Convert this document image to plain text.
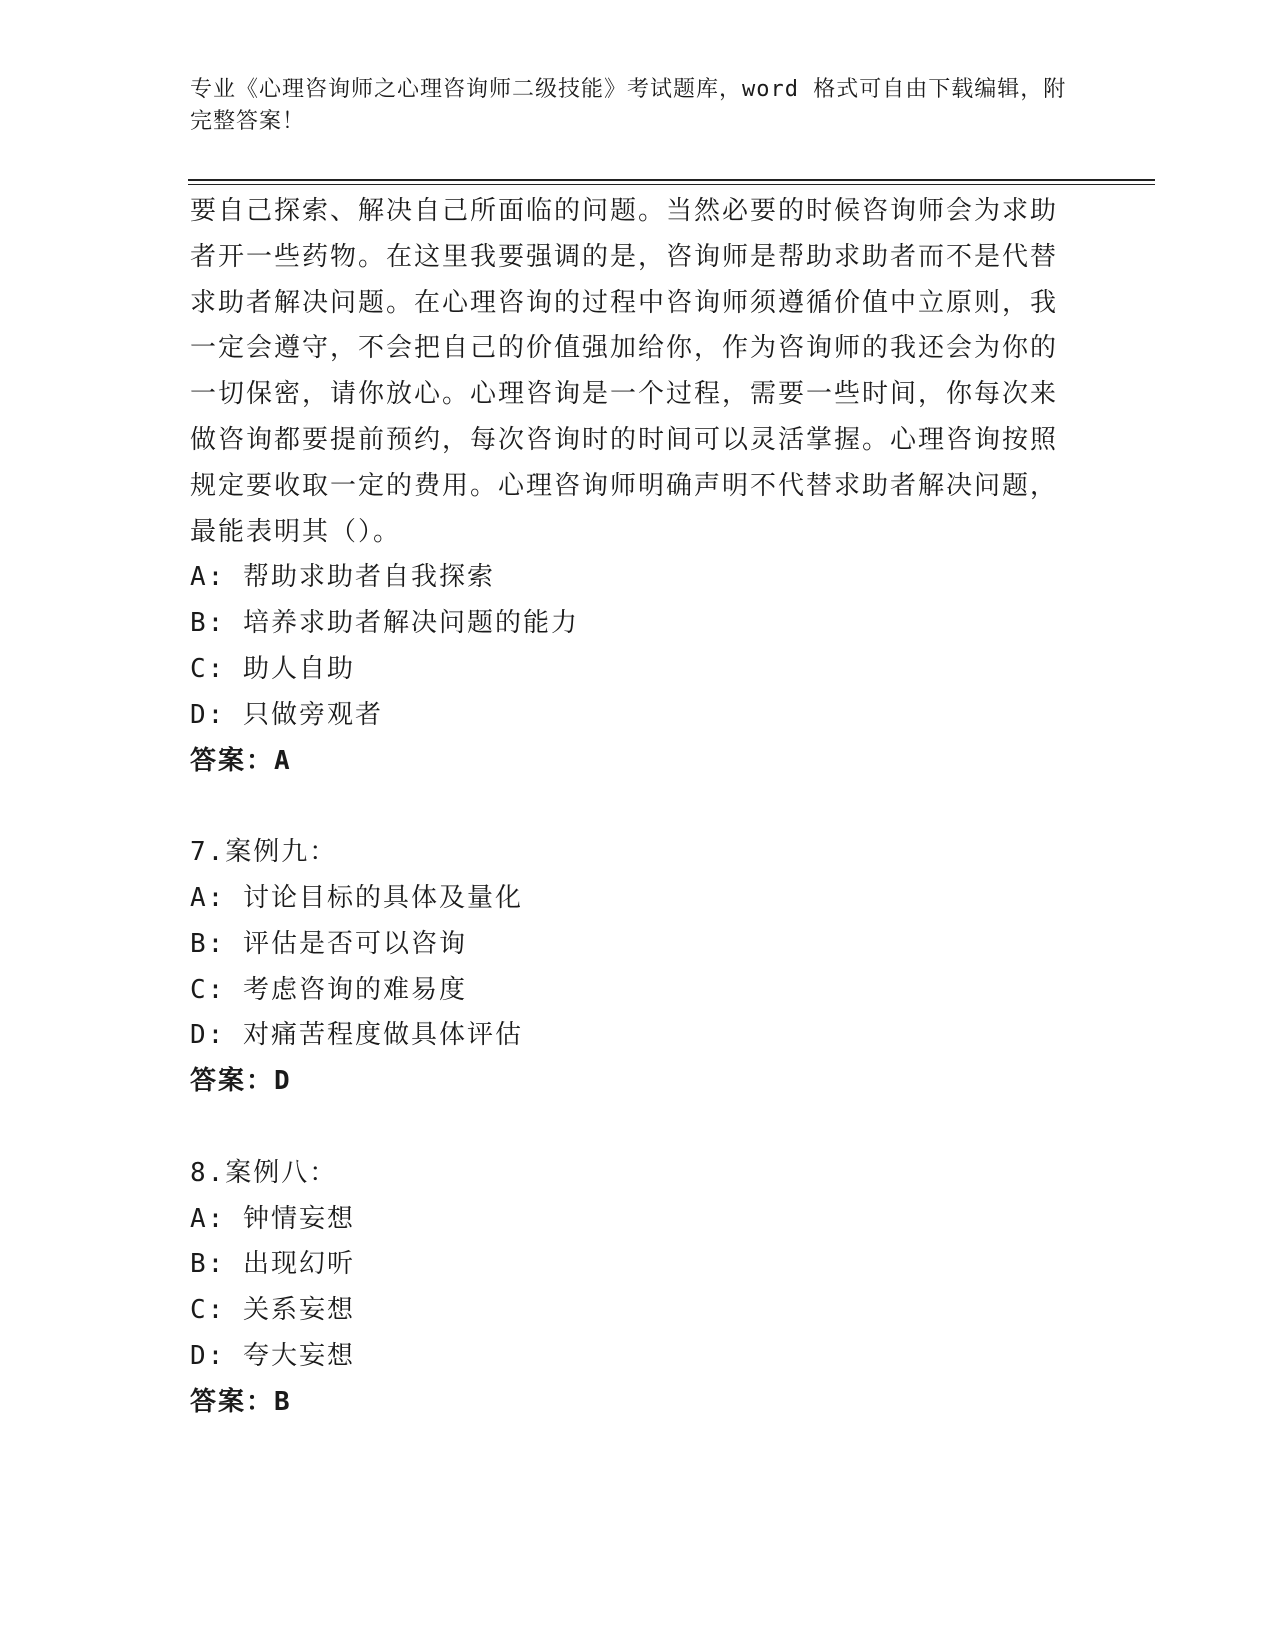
专业《心理咨询师之心理咨询师二级技能》考试题库，word 格式可自由下载编辑，附完整答案！

要自己探索、解决自己所面临的问题。当然必要的时候咨询师会为求助者开一些药物。在这里我要强调的是，咨询师是帮助求助者而不是代替求助者解决问题。在心理咨询的过程中咨询师须遵循价值中立原则，我一定会遵守，不会把自己的价值强加给你，作为咨询师的我还会为你的一切保密，请你放心。心理咨询是一个过程，需要一些时间，你每次来做咨询都要提前预约，每次咨询时的时间可以灵活掌握。心理咨询按照规定要收取一定的费用。心理咨询师明确声明不代替求助者解决问题，最能表明其（）。

A: 帮助求助者自我探索

B: 培养求助者解决问题的能力

C: 助人自助

D: 只做旁观者

答案：A

7.案例九：

A: 讨论目标的具体及量化

B: 评估是否可以咨询

C: 考虑咨询的难易度

D: 对痛苦程度做具体评估

答案：D

8.案例八：

A: 钟情妄想

B: 出现幻听

C: 关系妄想

D: 夸大妄想

答案：B
